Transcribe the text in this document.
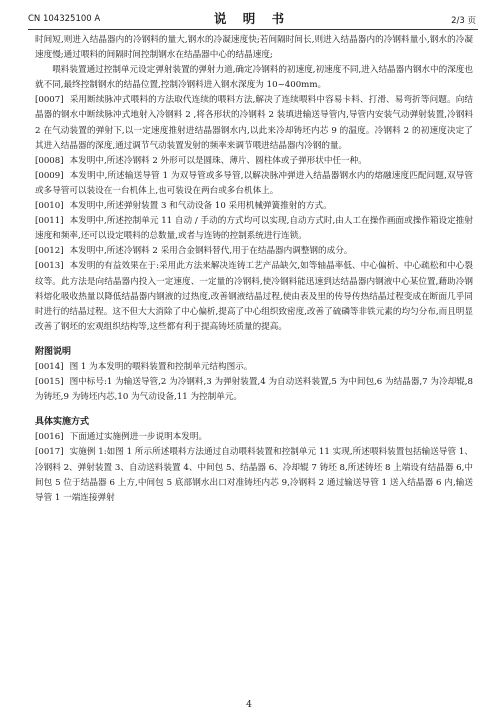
CN 104325100 A	说 明 书	2/3 页

时间短,则进入结晶器内的冷钢料的量大,钢水的冷凝速度快;若间隔时间长,则进入结晶器内的冷钢料量小,钢水的冷凝速度慢;通过喂料的间隔时间控制钢水在结晶器中心的结晶速度;

喂料装置通过控制单元设定弹射装置的弹射力道,确定冷钢料的初速度,初速度不同,进入结晶器内钢水中的深度也就不同,最终控制钢水的结晶位置,控制冷钢料进入钢水深度为 10~400mm。

[0007] 采用断续脉冲式喂料的方法取代连续的喂料方法,解决了连续喂料中容易卡料、打滑、易弯折等问题。向结晶器的钢水中断续脉冲式地射入冷钢料 2 ,将各形状的冷钢料 2 装填进输送导管内,导管内安装气动弹射装置,冷钢料 2 在气动装置的弹射下,以一定速度推射进结晶器钢水内,以此来冷却铸坯内芯 9 的温度。冷钢料 2 的初速度决定了其进入结晶器的深度,通过调节气动装置发射的频率来调节喂进结晶器内冷钢的量。

[0008] 本发明中,所述冷钢料 2 外形可以是圆珠、薄片、圆柱体或子弹形状中任一种。

[0009] 本发明中,所述输送导管 1 为双导管或多导管,以解决脉冲弹进入结晶器钢水内的熔融速度匹配问题,双导管或多导管可以装设在一台机体上,也可装设在两台或多台机体上。

[0010] 本发明中,所述弹射装置 3 和气动设备 10 采用机械弹簧推射的方式。

[0011] 本发明中,所述控制单元 11 自动 / 手动的方式均可以实现,自动方式时,由人工在操作画面或操作箱设定推射速度和频率,还可以设定喂料的总数量,或者与连铸的控制系统进行连锁。

[0012] 本发明中,所述冷钢料 2 采用合金钢料替代,用于在结晶器内调整钢的成分。

[0013] 本发明的有益效果在于:采用此方法来解决连铸工艺产品缺欠,如等轴晶率低、中心偏析、中心疏松和中心裂纹等。此方法是向结晶器内投入一定速度、一定量的冷钢料,使冷钢料能迅速到达结晶器内钢液中心某位置,藉助冷钢料熔化吸收热量以降低结晶器内钢液的过热度,改善钢液结晶过程,使由表及里的传导传热结晶过程变成在断面几乎同时进行的结晶过程。这不但大大消除了中心偏析,提高了中心组织致密度,改善了硫磷等非铁元素的均匀分布,而且明显改善了钢坯的宏观组织结构等,这些都有利于提高铸坯质量的提高。

附图说明

[0014] 图 1 为本发明的喂料装置和控制单元结构图示。

[0015] 图中标号:1 为输送导管,2 为冷钢料,3 为弹射装置,4 为自动送料装置,5 为中间包,6 为结晶器,7 为冷却辊,8 为铸坯,9 为铸坯内芯,10 为气动设备,11 为控制单元。

具体实施方式

[0016] 下面通过实施例进一步说明本发明。

[0017] 实施例 1:如图 1 所示所述喂料方法通过自动喂料装置和控制单元 11 实现,所述喂料装置包括输送导管 1、冷钢料 2、弹射装置 3、自动送料装置 4、中间包 5、结晶器 6、冷却辊 7 铸坯 8,所述铸坯 8 上端设有结晶器 6,中间包 5 位于结晶器 6 上方,中间包 5 底部钢水出口对准铸坯内芯 9,冷钢料 2 通过输送导管 1 送入结晶器 6 内,输送导管 1 一端连接弹射

4
